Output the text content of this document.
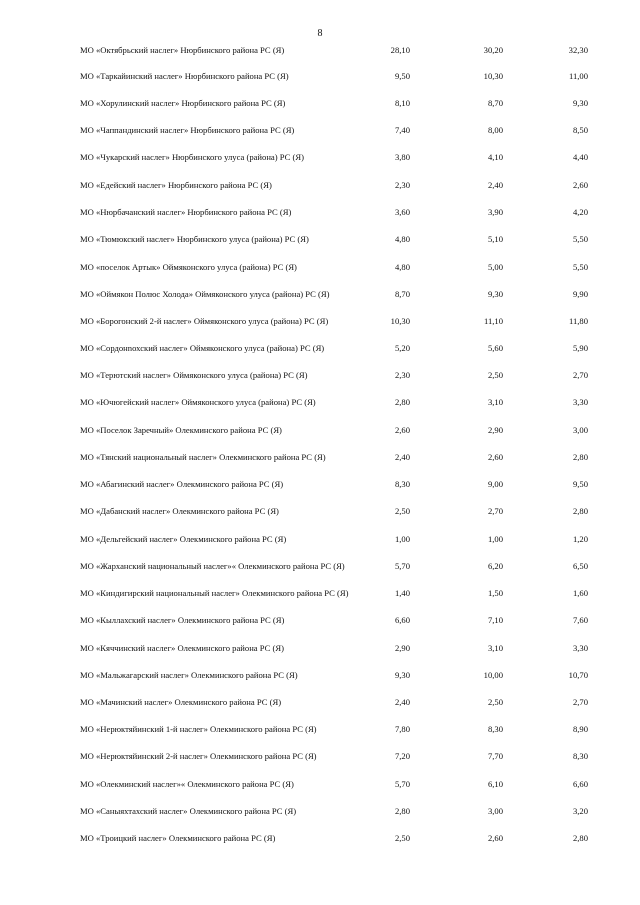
8
МО «Октябрьский наслег» Нюрбинского района РС (Я)	28,10	30,20	32,30
МО «Таркайинский наслег» Нюрбинского района РС (Я)	9,50	10,30	11,00
МО «Хорулинский наслег» Нюрбинского района РС (Я)	8,10	8,70	9,30
МО «Чаппандинский наслег» Нюрбинского района РС (Я)	7,40	8,00	8,50
МО «Чукарский наслег» Нюрбинского улуса (района) РС (Я)	3,80	4,10	4,40
МО «Едейский наслег» Нюрбинского района РС (Я)	2,30	2,40	2,60
МО «Нюрбачанский наслег» Нюрбинского района РС (Я)	3,60	3,90	4,20
МО «Тюмюкский наслег» Нюрбинского улуса (района) РС (Я)	4,80	5,10	5,50
МО «поселок Артык» Оймяконского улуса (района) РС (Я)	4,80	5,00	5,50
МО «Оймякон Полюс Холода» Оймяконского улуса (района) РС (Я)	8,70	9,30	9,90
МО «Борогонский 2-й наслег» Оймяконского улуса (района) РС (Я)	10,30	11,10	11,80
МО «Сордонnохский наслег» Оймяконского улуса (района) РС (Я)	5,20	5,60	5,90
МО «Терютский наслег» Оймяконского улуса (района) РС (Я)	2,30	2,50	2,70
МО «Ючюгейский наслег» Оймяконского улуса (района) РС (Я)	2,80	3,10	3,30
МО «Поселок Заречный» Олекминского района РС (Я)	2,60	2,90	3,00
МО «Тянский национальный наслег» Олекминского района РС (Я)	2,40	2,60	2,80
МО «Абагинский наслег» Олекминского района РС (Я)	8,30	9,00	9,50
МО «Дабанский наслег» Олекминского района РС (Я)	2,50	2,70	2,80
МО «Дельгейский наслег» Олекминского района РС (Я)	1,00	1,00	1,20
МО «Жарханский национальный наслег»« Олекминского района РС (Я)	5,70	6,20	6,50
МО «Киндигирский национальный наслег» Олекминского района РС (Я)	1,40	1,50	1,60
МО «Кыллахский наслег» Олекминского района РС (Я)	6,60	7,10	7,60
МО «Кяччинский наслег» Олекминского района РС (Я)	2,90	3,10	3,30
МО «Мальжагарский наслег» Олекминского района РС (Я)	9,30	10,00	10,70
МО «Мачинский наслег» Олекминского района РС (Я)	2,40	2,50	2,70
МО «Нерюктяйинский 1-й наслег» Олекминского района РС (Я)	7,80	8,30	8,90
МО «Нерюктяйинский 2-й наслег» Олекминского района РС (Я)	7,20	7,70	8,30
МО «Олекминский наслег»« Олекминского района РС (Я)	5,70	6,10	6,60
МО «Саныяхтахский наслег» Олекминского района РС (Я)	2,80	3,00	3,20
МО «Троицкий наслег» Олекминского района РС (Я)	2,50	2,60	2,80
